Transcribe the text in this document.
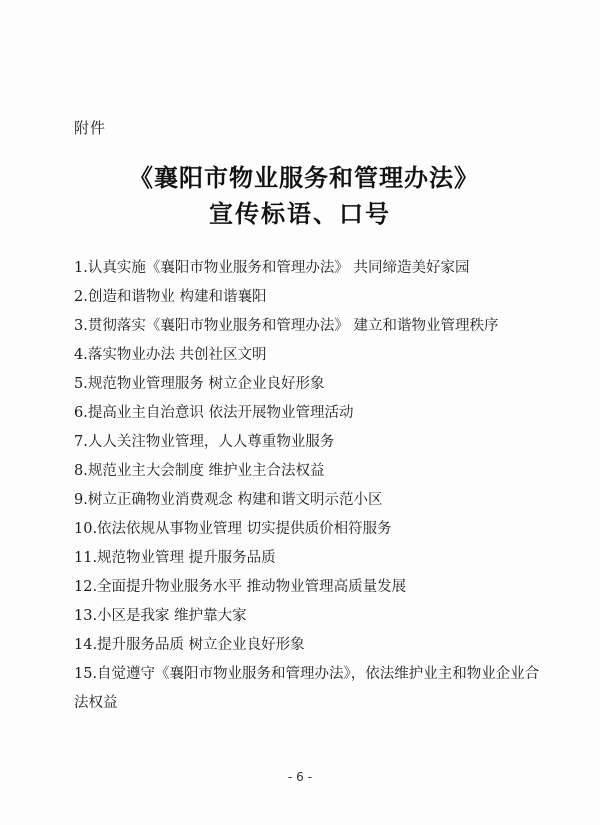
附件
《襄阳市物业服务和管理办法》
宣传标语、口号
1.认真实施《襄阳市物业服务和管理办法》 共同缔造美好家园
2.创造和谐物业 构建和谐襄阳
3.贯彻落实《襄阳市物业服务和管理办法》 建立和谐物业管理秩序
4.落实物业办法 共创社区文明
5.规范物业管理服务 树立企业良好形象
6.提高业主自治意识 依法开展物业管理活动
7.人人关注物业管理，人人尊重物业服务
8.规范业主大会制度 维护业主合法权益
9.树立正确物业消费观念 构建和谐文明示范小区
10.依法依规从事物业管理 切实提供质价相符服务
11.规范物业管理 提升服务品质
12.全面提升物业服务水平 推动物业管理高质量发展
13.小区是我家 维护靠大家
14.提升服务品质 树立企业良好形象
15.自觉遵守《襄阳市物业服务和管理办法》，依法维护业主和物业企业合法权益
- 6 -
